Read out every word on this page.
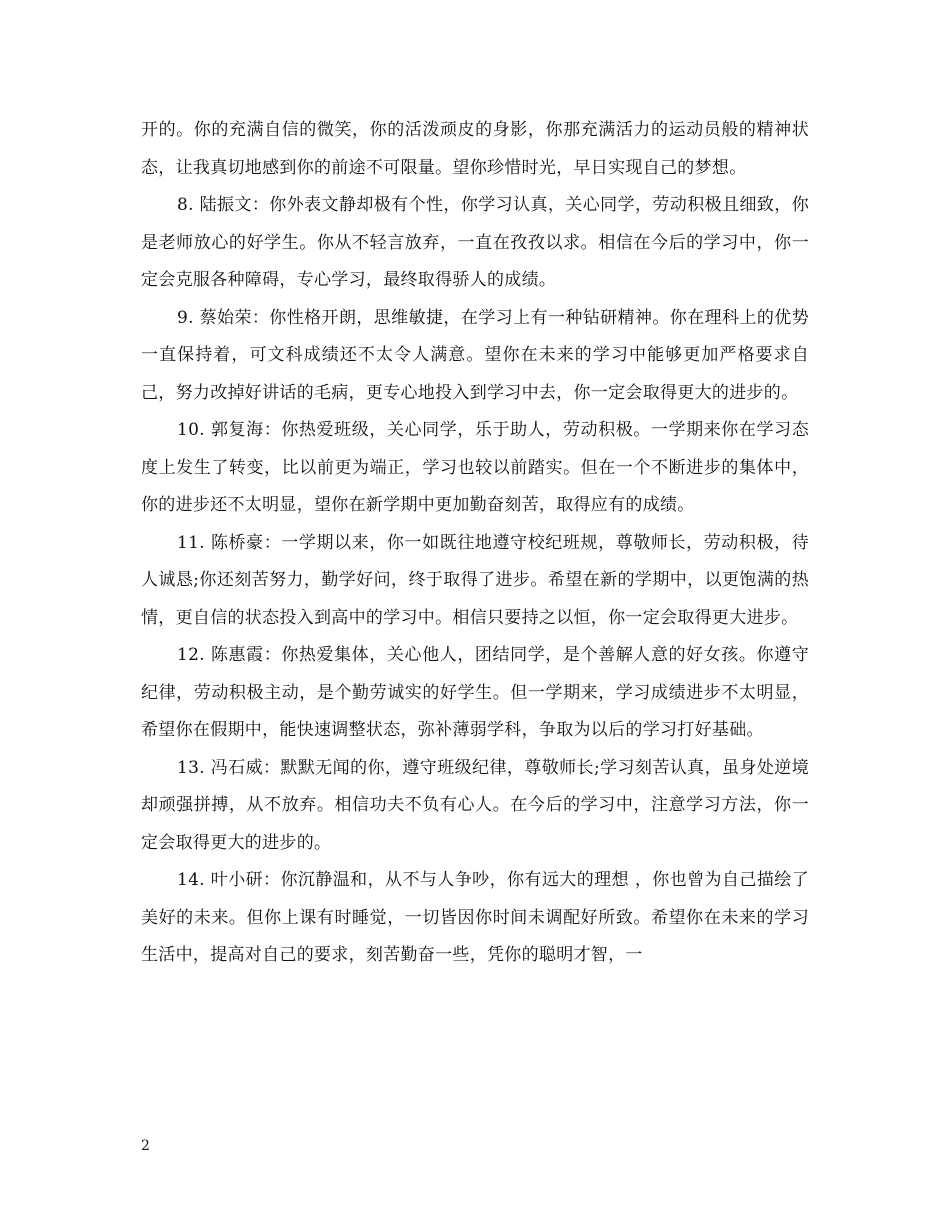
开的。你的充满自信的微笑，你的活泼顽皮的身影，你那充满活力的运动员般的精神状态，让我真切地感到你的前途不可限量。望你珍惜时光，早日实现自己的梦想。

8. 陆振文：你外表文静却极有个性，你学习认真，关心同学，劳动积极且细致，你是老师放心的好学生。你从不轻言放弃，一直在孜孜以求。相信在今后的学习中，你一定会克服各种障碍，专心学习，最终取得骄人的成绩。

9. 蔡始荣：你性格开朗，思维敏捷，在学习上有一种钻研精神。你在理科上的优势一直保持着，可文科成绩还不太令人满意。望你在未来的学习中能够更加严格要求自己，努力改掉好讲话的毛病，更专心地投入到学习中去，你一定会取得更大的进步的。

10. 郭复海：你热爱班级，关心同学，乐于助人，劳动积极。一学期来你在学习态度上发生了转变，比以前更为端正，学习也较以前踏实。但在一个不断进步的集体中，你的进步还不太明显，望你在新学期中更加勤奋刻苦，取得应有的成绩。

11. 陈桥豪：一学期以来，你一如既往地遵守校纪班规，尊敬师长，劳动积极，待人诚恳;你还刻苦努力，勤学好问，终于取得了进步。希望在新的学期中，以更饱满的热情，更自信的状态投入到高中的学习中。相信只要持之以恒，你一定会取得更大进步。

12. 陈惠霞：你热爱集体，关心他人，团结同学，是个善解人意的好女孩。你遵守纪律，劳动积极主动，是个勤劳诚实的好学生。但一学期来，学习成绩进步不太明显，希望你在假期中，能快速调整状态，弥补薄弱学科，争取为以后的学习打好基础。

13. 冯石威：默默无闻的你，遵守班级纪律，尊敬师长;学习刻苦认真，虽身处逆境却顽强拼搏，从不放弃。相信功夫不负有心人。在今后的学习中，注意学习方法，你一定会取得更大的进步的。

14. 叶小研：你沉静温和，从不与人争吵，你有远大的理想 ，你也曾为自己描绘了美好的未来。但你上课有时睡觉，一切皆因你时间未调配好所致。希望你在未来的学习生活中，提高对自己的要求，刻苦勤奋一些，凭你的聪明才智，一

2
